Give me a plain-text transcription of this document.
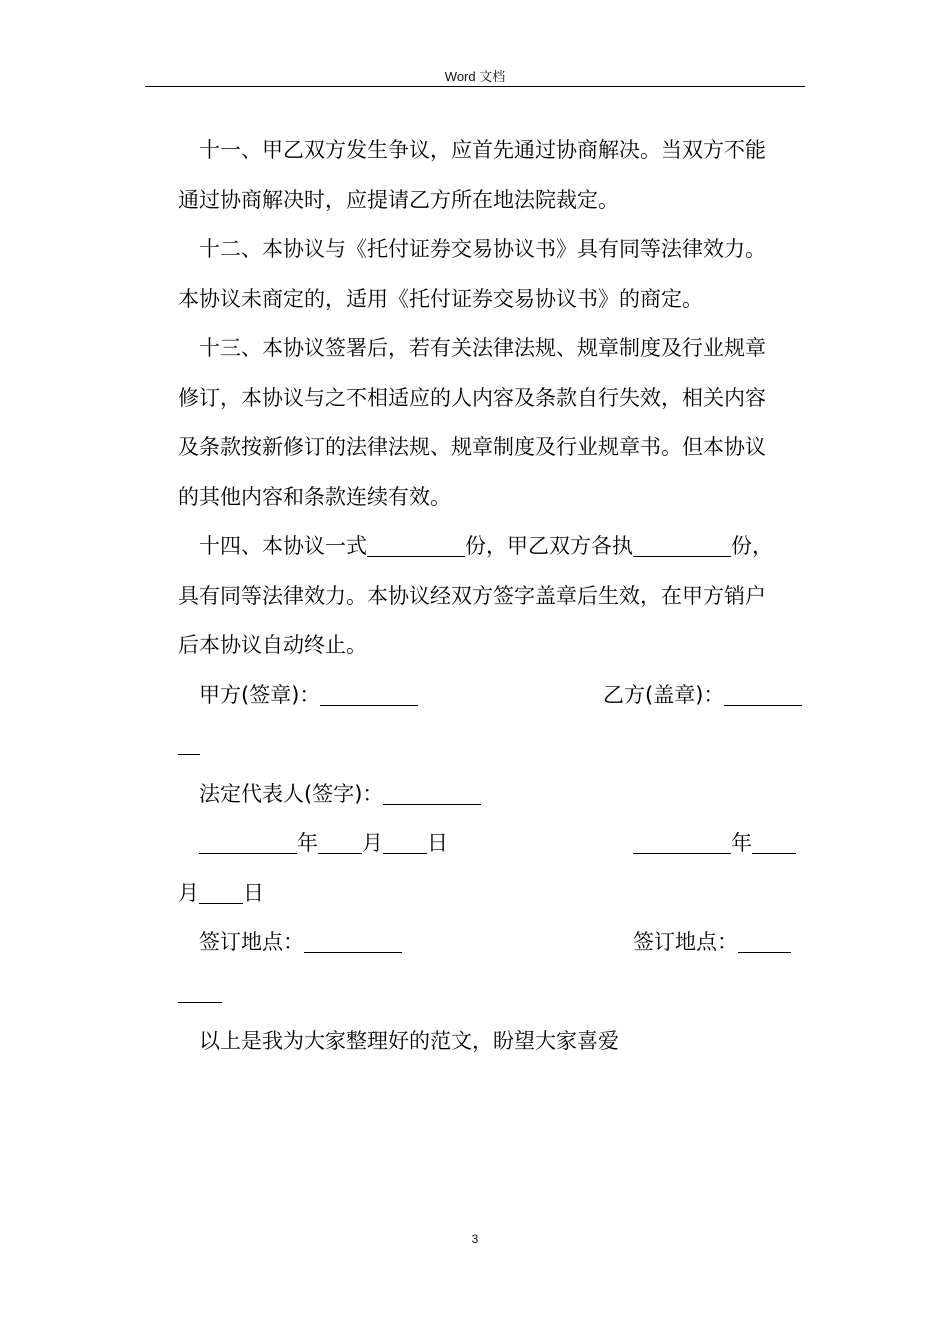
Word 文档
十一、甲乙双方发生争议，应首先通过协商解决。当双方不能
通过协商解决时，应提请乙方所在地法院裁定。
十二、本协议与《托付证券交易协议书》具有同等法律效力。
本协议未商定的，适用《托付证券交易协议书》的商定。
十三、本协议签署后，若有关法律法规、规章制度及行业规章
修订，本协议与之不相适应的人内容及条款自行失效，相关内容
及条款按新修订的法律法规、规章制度及行业规章书。但本协议
的其他内容和条款连续有效。
十四、本协议一式	份，甲乙双方各执	份，
具有同等法律效力。本协议经双方签字盖章后生效，在甲方销户
后本协议自动终止。
甲方(签章)：	乙方(盖章)：
法定代表人(签字)：
年 月 日	年
月 日
签订地点：	签订地点：
以上是我为大家整理好的范文，盼望大家喜爱
3
